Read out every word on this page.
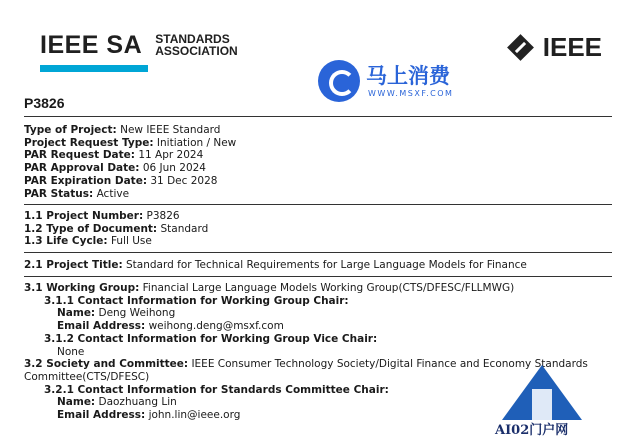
IEEE SA STANDARDS
ASSOCIATION	IEEE
马上消费
WWW.MSXF.COM
P3826
Type of Project: New IEEE Standard
Project Request Type: Initiation / New
PAR Request Date: 11 Apr 2024
PAR Approval Date: 06 Jun 2024
PAR Expiration Date: 31 Dec 2028
PAR Status: Active
1.1 Project Number: P3826
1.2 Type of Document: Standard
1.3 Life Cycle: Full Use
2.1 Project Title: Standard for Technical Requirements for Large Language Models for Finance
3.1 Working Group: Financial Large Language Models Working Group(CTS/DFESC/FLLMWG)
3.1.1 Contact Information for Working Group Chair:
Name: Deng Weihong
Email Address: weihong.deng@msxf.com
3.1.2 Contact Information for Working Group Vice Chair:
None
3.2 Society and Committee: IEEE Consumer Technology Society/Digital Finance and Economy Standards
Committee(CTS/DFESC)
3.2.1 Contact Information for Standards Committee Chair:
Name: Daozhuang Lin
Email Address: john.lin@ieee.org
AI02门户网
